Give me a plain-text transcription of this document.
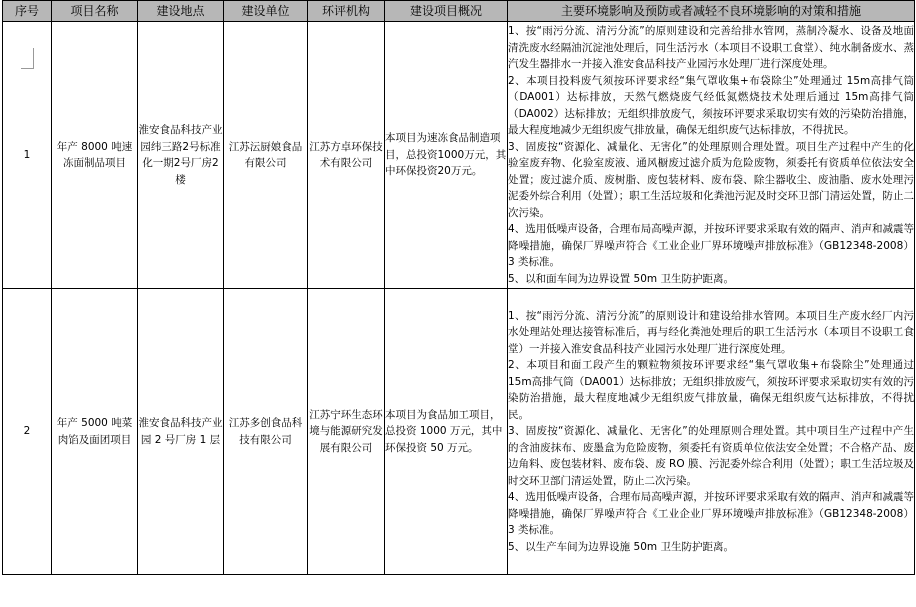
序号	项目名称	建设地点	建设单位	环评机构	建设项目概况	主要环境影响及预防或者减轻不良环境影响的对策和措施

1	年产 8000 吨速冻面制品项目	淮安食品科技产业园纬三路2号标准化一期2号厂房2楼	江苏沄厨娘食品有限公司	江苏方卓环保技术有限公司	本项目为速冻食品制造项目，总投资1000万元，其中环保投资20万元。	1、按“雨污分流、清污分流”的原则建设和完善给排水管网，蒸制冷凝水、设备及地面清洗废水经隔油沉淀池处理后，同生活污水（本项目不设职工食堂）、纯水制备废水、蒸汽发生器排水一并接入淮安食品科技产业园污水处理厂进行深度处理。

2、本项目投料废气须按环评要求经“集气罩收集+布袋除尘”处理通过 15m高排气筒（DA001）达标排放，天然气燃烧废气经低氮燃烧技术处理后通过 15m高排气筒（DA002）达标排放；无组织排放废气，须按环评要求采取切实有效的污染防治措施，最大程度地减少无组织废气排放量，确保无组织废气达标排放，不得扰民。

3、固废按“资源化、减量化、无害化”的处理原则合理处置。项目生产过程中产生的化验室废弃物、化验室废液、通风橱废过滤介质为危险废物，须委托有资质单位依法安全处置；废过滤介质、废树脂、废包装材料、废布袋、除尘器收尘、废油脂、废水处理污泥委外综合利用（处置）；职工生活垃圾和化粪池污泥及时交环卫部门清运处置，防止二次污染。

4、选用低噪声设备，合理布局高噪声源，并按环评要求采取有效的隔声、消声和减震等降噪措施，确保厂界噪声符合《工业企业厂界环境噪声排放标准》（GB12348-2008）3 类标准。

5、以和面车间为边界设置 50m 卫生防护距离。

2	年产 5000 吨菜肉馅及面团项目	淮安食品科技产业园 2 号厂房 1 层	江苏多创食品科技有限公司	江苏宁环生态环境与能源研究发展有限公司	本项目为食品加工项目，总投资 1000 万元，其中环保投资 50 万元。	1、按“雨污分流、清污分流”的原则设计和建设给排水管网。本项目生产废水经厂内污水处理站处理达接管标准后，再与经化粪池处理后的职工生活污水（本项目不设职工食堂）一并接入淮安食品科技产业园污水处理厂进行深度处理。

2、本项目和面工段产生的颗粒物须按环评要求经“集气罩收集+布袋除尘”处理通过 15m高排气筒（DA001）达标排放；无组织排放废气，须按环评要求采取切实有效的污染防治措施，最大程度地减少无组织废气排放量，确保无组织废气达标排放，不得扰民。

3、固废按“资源化、减量化、无害化”的处理原则合理处置。其中项目生产过程中产生的含油废抹布、废墨盒为危险废物，须委托有资质单位依法安全处置；不合格产品、废边角料、废包装材料、废布袋、废 RO 膜、污泥委外综合利用（处置）；职工生活垃圾及时交环卫部门清运处置，防止二次污染。

4、选用低噪声设备，合理布局高噪声源，并按环评要求采取有效的隔声、消声和减震等降噪措施，确保厂界噪声符合《工业企业厂界环境噪声排放标准》（GB12348-2008）3 类标准。

5、以生产车间为边界设施 50m 卫生防护距离。
